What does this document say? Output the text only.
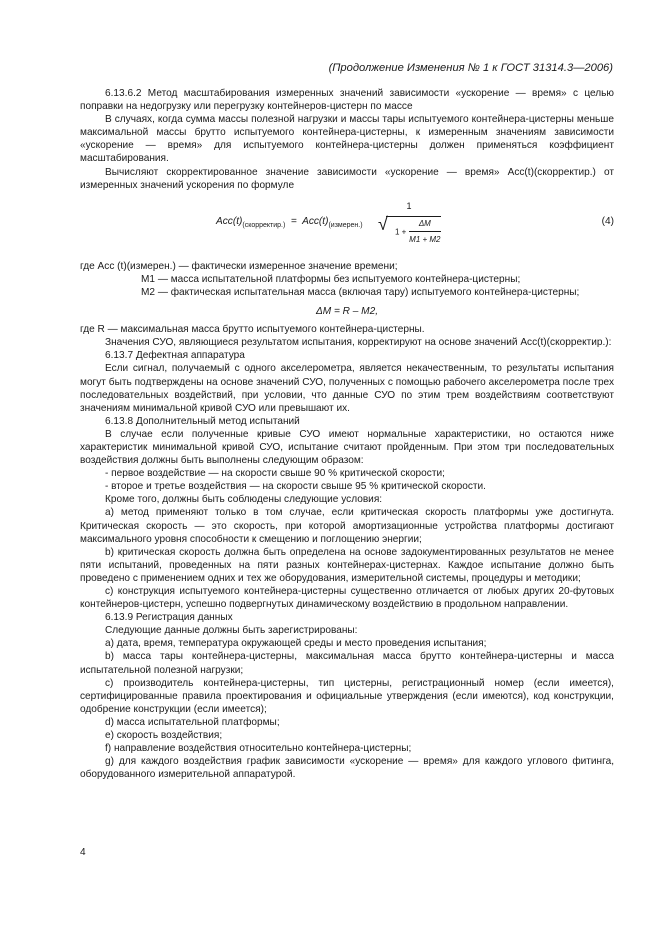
(Продолжение Изменения № 1 к ГОСТ 31314.3—2006)

6.13.6.2 Метод масштабирования измеренных значений зависимости «ускорение — время» с целью поправки на недогрузку или перегрузку контейнеров-цистерн по массе

В случаях, когда сумма массы полезной нагрузки и массы тары испытуемого контейнера-цистерны меньше максимальной массы брутто испытуемого контейнера-цистерны, к измеренным значениям зависимости «ускорение — время» для испытуемого контейнера-цистерны должен применяться коэффициент масштабирования.

Вычисляют скорректированное значение зависимости «ускорение — время» Acc(t)(скорректир.) от измеренных значений ускорения по формуле

$Acc(t)_{(скорректир.)} = Acc(t)_{(измерен.)}$
1
√ $1 + \frac{\Delta M}{M1 + M2}$	(4)

где Acc (t)(измерен.) — фактически измеренное значение времени;

M1 — масса испытательной платформы без испытуемого контейнера-цистерны;

M2 — фактическая испытательная масса (включая тару) испытуемого контейнера-цистерны;

ΔM = R – M2,

где R — максимальная масса брутто испытуемого контейнера-цистерны.

Значения СУО, являющиеся результатом испытания, корректируют на основе значений Acc(t)(скорректир.):

6.13.7 Дефектная аппаратура

Если сигнал, получаемый с одного акселерометра, является некачественным, то результаты испытания могут быть подтверждены на основе значений СУО, полученных с помощью рабочего акселерометра после трех последовательных воздействий, при условии, что данные СУО по этим трем воздействиям соответствуют значениям минимальной кривой СУО или превышают их.

6.13.8 Дополнительный метод испытаний

В случае если полученные кривые СУО имеют нормальные характеристики, но остаются ниже характеристик минимальной кривой СУО, испытание считают пройденным. При этом три последовательных воздействия должны быть выполнены следующим образом:

- первое воздействие — на скорости свыше 90 % критической скорости;

- второе и третье воздействия — на скорости свыше 95 % критической скорости.

Кроме того, должны быть соблюдены следующие условия:

a) метод применяют только в том случае, если критическая скорость платформы уже достигнута. Критическая скорость — это скорость, при которой амортизационные устройства платформы достигают максимального уровня способности к смещению и поглощению энергии;

b) критическая скорость должна быть определена на основе задокументированных результатов не менее пяти испытаний, проведенных на пяти разных контейнерах-цистернах. Каждое испытание должно быть проведено с применением одних и тех же оборудования, измерительной системы, процедуры и методики;

c) конструкция испытуемого контейнера-цистерны существенно отличается от любых других 20-футовых контейнеров-цистерн, успешно подвергнутых динамическому воздействию в продольном направлении.

6.13.9 Регистрация данных

Следующие данные должны быть зарегистрированы:

a) дата, время, температура окружающей среды и место проведения испытания;

b) масса тары контейнера-цистерны, максимальная масса брутто контейнера-цистерны и масса испытательной полезной нагрузки;

c) производитель контейнера-цистерны, тип цистерны, регистрационный номер (если имеется), сертифицированные правила проектирования и официальные утверждения (если имеются), код конструкции, одобрение конструкции (если имеется);

d) масса испытательной платформы;

e) скорость воздействия;

f) направление воздействия относительно контейнера-цистерны;

g) для каждого воздействия график зависимости «ускорение — время» для каждого углового фитинга, оборудованного измерительной аппаратурой.

4
